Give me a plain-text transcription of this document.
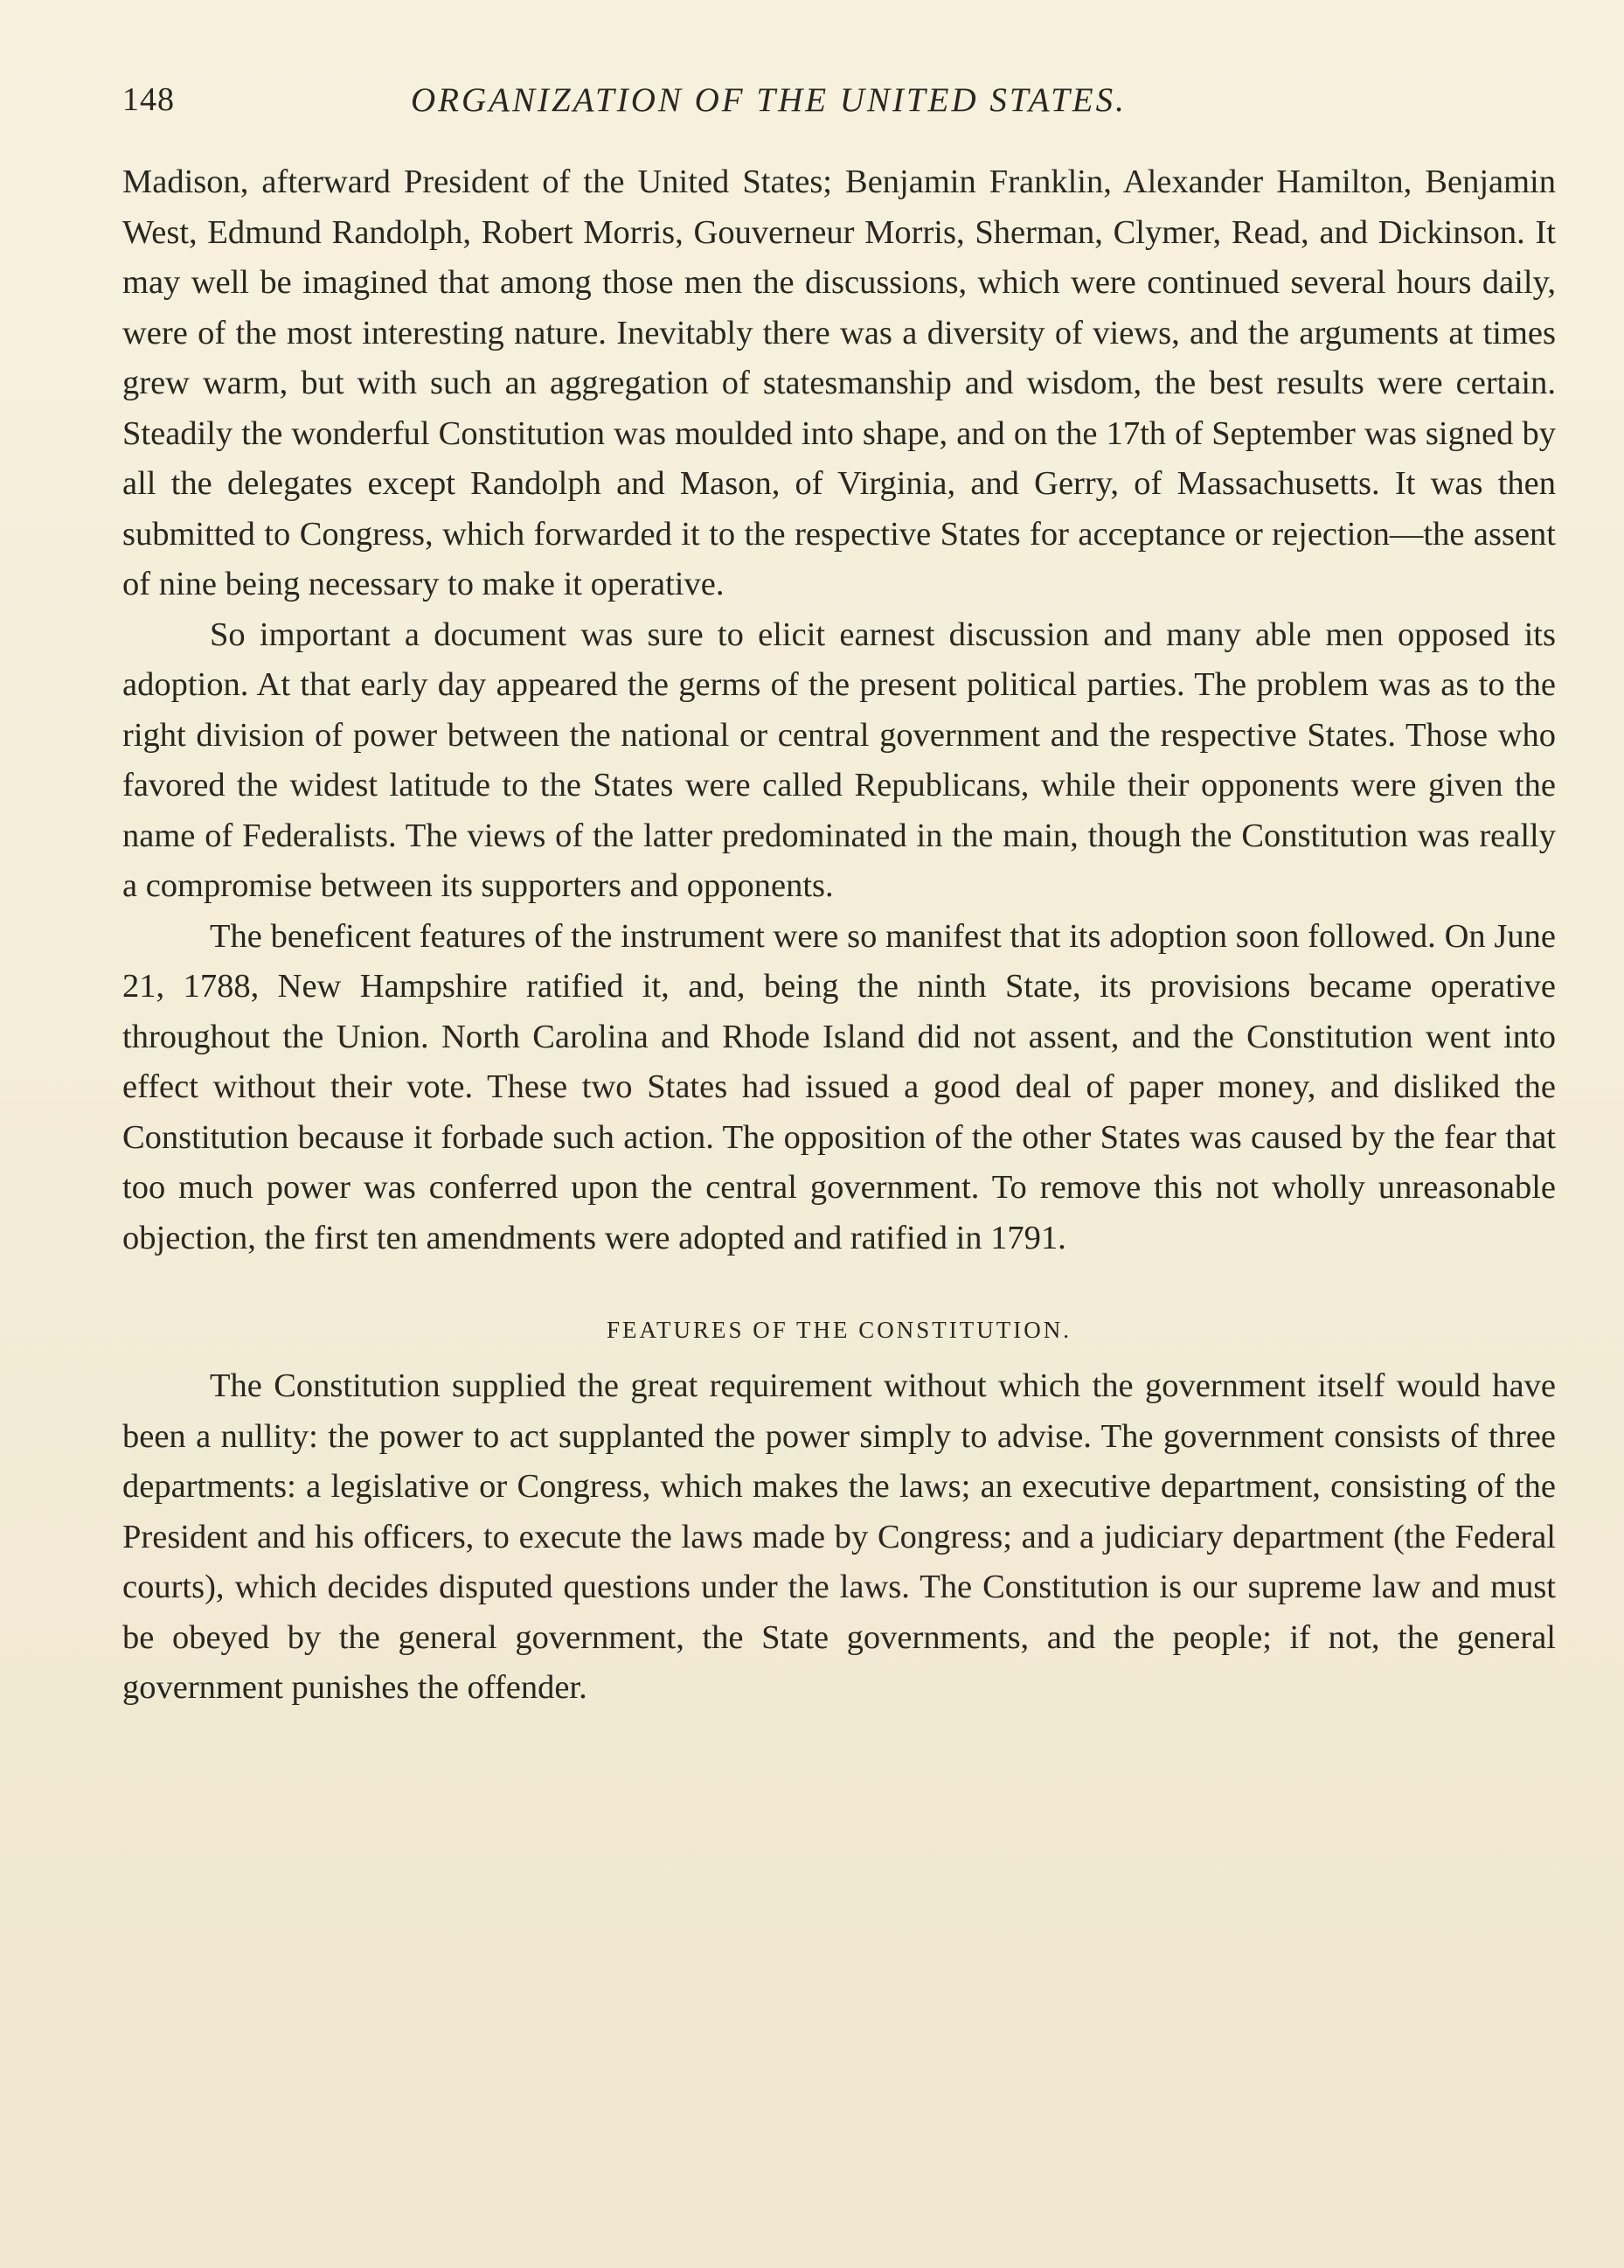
148	ORGANIZATION OF THE UNITED STATES.

Madison, afterward President of the United States; Benjamin Franklin, Alexander Hamilton, Benjamin West, Edmund Randolph, Robert Morris, Gouverneur Morris, Sherman, Clymer, Read, and Dickinson. It may well be imagined that among those men the discussions, which were continued several hours daily, were of the most interesting nature. Inevitably there was a diversity of views, and the arguments at times grew warm, but with such an aggregation of statesmanship and wisdom, the best results were certain. Steadily the wonderful Constitution was moulded into shape, and on the 17th of September was signed by all the delegates except Randolph and Mason, of Virginia, and Gerry, of Massachusetts. It was then submitted to Congress, which forwarded it to the respective States for acceptance or rejection—the assent of nine being necessary to make it operative.

So important a document was sure to elicit earnest discussion and many able men opposed its adoption. At that early day appeared the germs of the present political parties. The problem was as to the right division of power between the national or central government and the respective States. Those who favored the widest latitude to the States were called Republicans, while their opponents were given the name of Federalists. The views of the latter predominated in the main, though the Constitution was really a compromise between its supporters and opponents.

The beneficent features of the instrument were so manifest that its adoption soon followed. On June 21, 1788, New Hampshire ratified it, and, being the ninth State, its provisions became operative throughout the Union. North Carolina and Rhode Island did not assent, and the Constitution went into effect without their vote. These two States had issued a good deal of paper money, and disliked the Constitution because it forbade such action. The opposition of the other States was caused by the fear that too much power was conferred upon the central government. To remove this not wholly unreasonable objection, the first ten amendments were adopted and ratified in 1791.

FEATURES OF THE CONSTITUTION.

The Constitution supplied the great requirement without which the government itself would have been a nullity: the power to act supplanted the power simply to advise. The government consists of three departments: a legislative or Congress, which makes the laws; an executive department, consisting of the President and his officers, to execute the laws made by Congress; and a judiciary department (the Federal courts), which decides disputed questions under the laws. The Constitution is our supreme law and must be obeyed by the general government, the State governments, and the people; if not, the general government punishes the offender.
